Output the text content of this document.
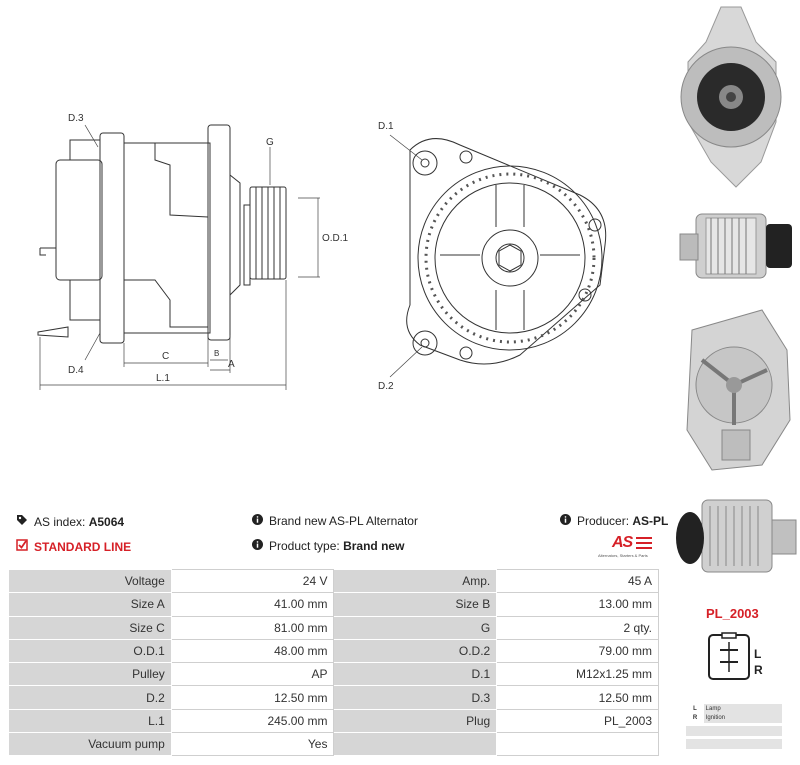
D.3
G
O.D.1
C	B
A
L.1
D.4
D.1
D.2
AS index:
A5064
STANDARD LINE
Brand new AS-PL Alternator
Product type:
Brand new
Producer:
AS-PL
AS
Alternators, Starters & Parts
Voltage	24 V	Amp.	45 A
Size A	41.00 mm	Size B	13.00 mm
Size C	81.00 mm	G	2 qty.
O.D.1	48.00 mm	O.D.2	79.00 mm
Pulley	AP	D.1	M12x1.25 mm
D.2	12.50 mm	D.3	12.50 mm
L.1	245.00 mm	Plug	PL_2003
Vacuum pump	Yes		
PL_2003
L
R
L Lamp
R Ignition
